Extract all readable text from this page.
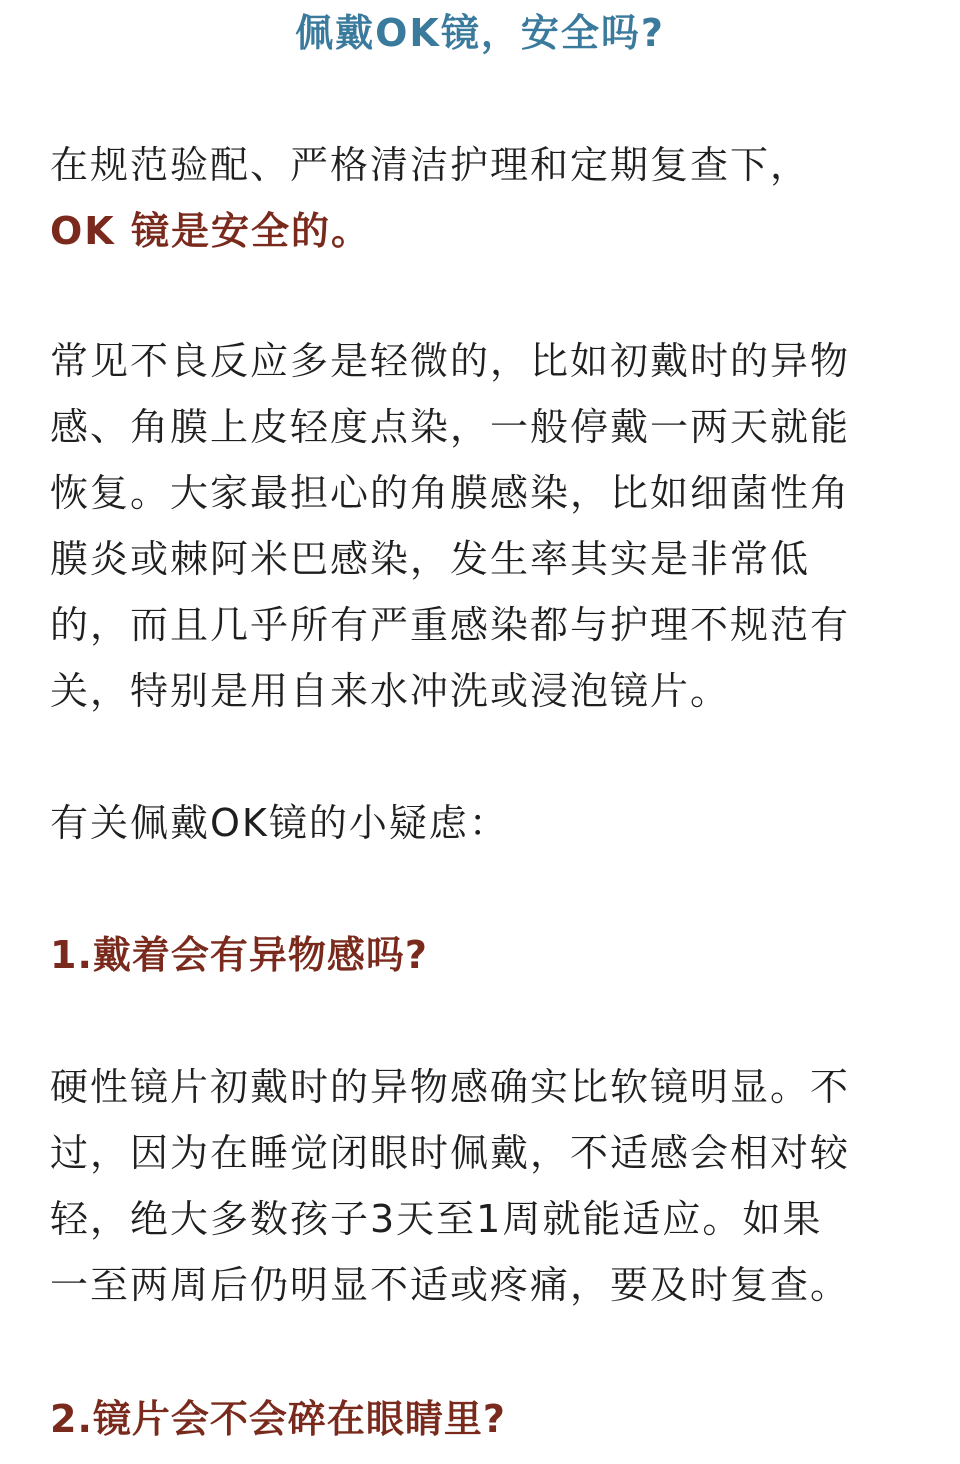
佩戴OK镜，安全吗?

在规范验配、严格清洁护理和定期复查下，
OK 镜是安全的。

常见不良反应多是轻微的，比如初戴时的异物
感、角膜上皮轻度点染，一般停戴一两天就能
恢复。大家最担心的角膜感染，比如细菌性角
膜炎或棘阿米巴感染，发生率其实是非常低
的，而且几乎所有严重感染都与护理不规范有
关，特别是用自来水冲洗或浸泡镜片。

有关佩戴OK镜的小疑虑：

1.戴着会有异物感吗?

硬性镜片初戴时的异物感确实比软镜明显。不
过，因为在睡觉闭眼时佩戴，不适感会相对较
轻，绝大多数孩子3天至1周就能适应。如果
一至两周后仍明显不适或疼痛，要及时复查。

2.镜片会不会碎在眼睛里?
